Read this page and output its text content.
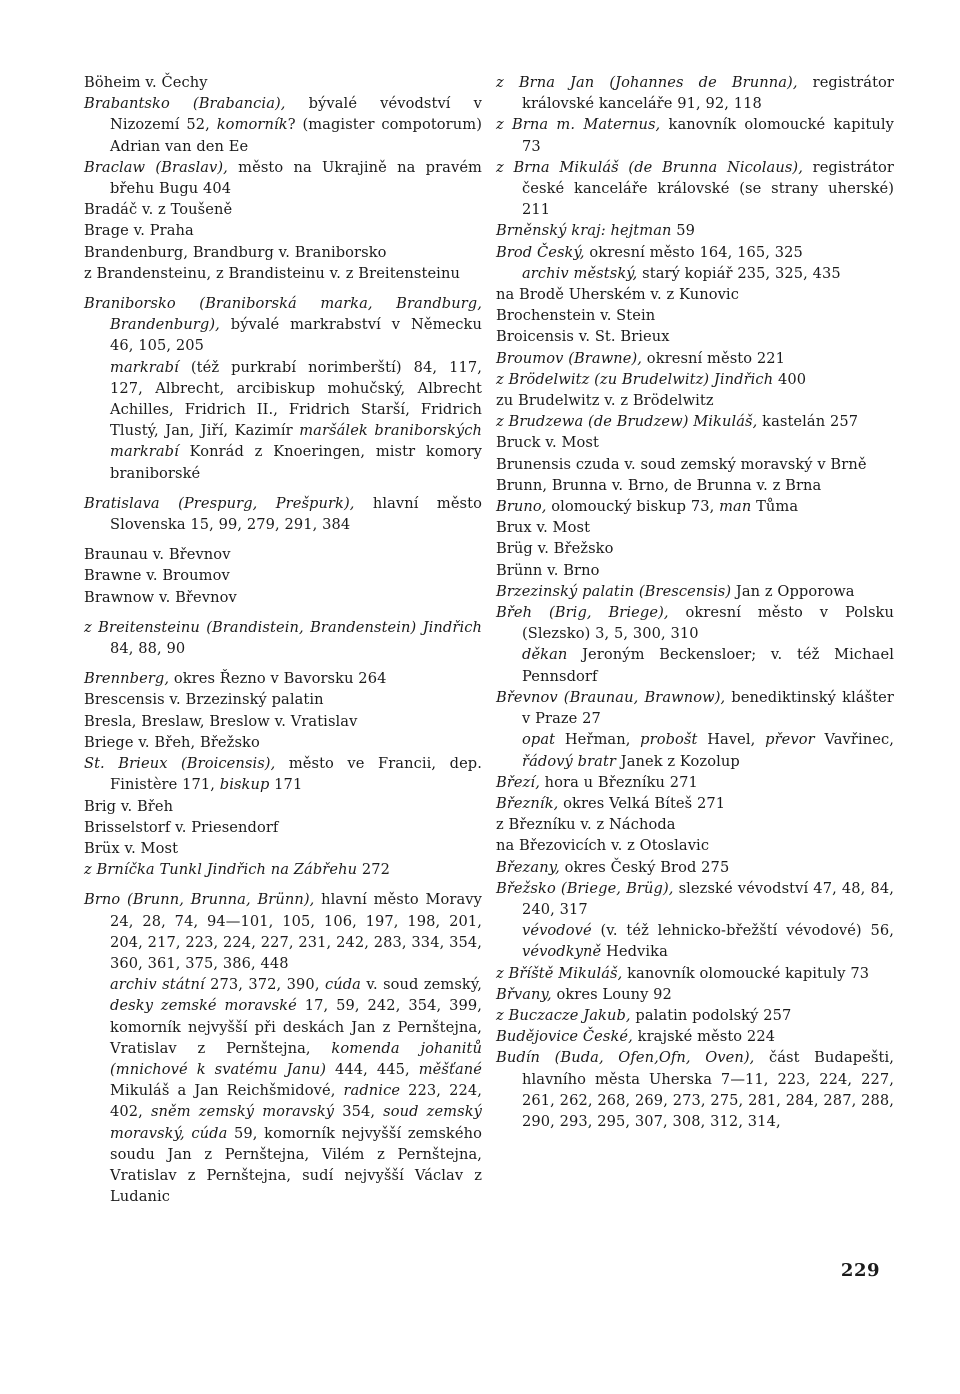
Böheim v. Čechy

Brabantsko (Brabancia), bývalé vévodství v Nizozemí 52, komorník? (magister compotorum) Adrian van den Ee

Braclaw (Braslav), město na Ukrajině na pravém břehu Bugu 404

Bradáč v. z Toušeně

Brage v. Praha

Brandenburg, Brandburg v. Braniborsko

z Brandensteinu, z Brandisteinu v. z Breitensteinu

Braniborsko (Braniborská marka, Brandburg, Brandenburg), bývalé markrabství v Německu 46, 105, 205

markrabí (též purkrabí norimberští) 84, 117, 127, Albrecht, arcibiskup mohučský, Albrecht Achilles, Fridrich II., Fridrich Starší, Fridrich Tlustý, Jan, Jiří, Kazimír maršálek braniborských markrabí Konrád z Knoeringen, mistr komory braniborské

Bratislava (Prespurg, Prešpurk), hlavní město Slovenska 15, 99, 279, 291, 384

Braunau v. Břevnov

Brawne v. Broumov

Brawnow v. Břevnov

z Breitensteinu (Brandistein, Brandenstein) Jindřich 84, 88, 90

Brennberg, okres Řezno v Bavorsku 264

Brescensis v. Brzezinský palatin

Bresla, Breslaw, Breslow v. Vratislav

Briege v. Břeh, Břežsko

St. Brieux (Broicensis), město ve Francii, dep. Finistère 171, biskup 171

Brig v. Břeh

Brisselstorf v. Priesendorf

Brüx v. Most

z Brníčka Tunkl Jindřich na Zábřehu 272

Brno (Brunn, Brunna, Brünn), hlavní město Moravy 24, 28, 74, 94—101, 105, 106, 197, 198, 201, 204, 217, 223, 224, 227, 231, 242, 283, 334, 354, 360, 361, 375, 386, 448

archiv státní 273, 372, 390, cúda v. soud zemský, desky zemské moravské 17, 59, 242, 354, 399, komorník nejvyšší při deskách Jan z Pernštejna, Vratislav z Pernštejna, komenda johanitů (mnichové k svatému Janu) 444, 445, měšťané Mikuláš a Jan Reichšmidové, radnice 223, 224, 402, sněm zemský moravský 354, soud zemský moravský, cúda 59, komorník nejvyšší zemského soudu Jan z Pernštejna, Vilém z Pernštejna, Vratislav z Pernštejna, sudí nejvyšší Václav z Ludanic

z Brna Jan (Johannes de Brunna), registrátor královské kanceláře 91, 92, 118

z Brna m. Maternus, kanovník olomoucké kapituly 73

z Brna Mikuláš (de Brunna Nicolaus), registrátor české kanceláře královské (se strany uherské) 211

Brněnský kraj: hejtman 59

Brod Český, okresní město 164, 165, 325

archiv městský, starý kopiář 235, 325, 435

na Brodě Uherském v. z Kunovic

Brochenstein v. Stein

Broicensis v. St. Brieux

Broumov (Brawne), okresní město 221

z Brödelwitz (zu Brudelwitz) Jindřich 400

zu Brudelwitz v. z Brödelwitz

z Brudzewa (de Brudzew) Mikuláš, kastelán 257

Bruck v. Most

Brunensis czuda v. soud zemský moravský v Brně

Brunn, Brunna v. Brno, de Brunna v. z Brna

Bruno, olomoucký biskup 73, man Tůma

Brux v. Most

Brüg v. Břežsko

Brünn v. Brno

Brzezinský palatin (Brescensis) Jan z Opporowa

Břeh (Brig, Briege), okresní město v Polsku (Slezsko) 3, 5, 300, 310

děkan Jeroným Beckensloer; v. též Michael Pennsdorf

Břevnov (Braunau, Brawnow), benediktinský klášter v Praze 27

opat Heřman, probošt Havel, převor Vavřinec, řádový bratr Janek z Kozolup

Březí, hora u Březníku 271

Březník, okres Velká Bíteš 271

z Březníku v. z Náchoda

na Březovicích v. z Otoslavic

Březany, okres Český Brod 275

Břežsko (Briege, Brüg), slezské vévodství 47, 48, 84, 240, 317

vévodové (v. též lehnicko-břežští vévodové) 56, vévodkyně Hedvika

z Bříště Mikuláš, kanovník olomoucké kapituly 73

Břvany, okres Louny 92

z Buczacze Jakub, palatin podolský 257

Budějovice České, krajské město 224

Budín (Buda, Ofen,Ofn, Oven), část Budapešti, hlavního města Uherska 7—11, 223, 224, 227, 261, 262, 268, 269, 273, 275, 281, 284, 287, 288, 290, 293, 295, 307, 308, 312, 314,

229
